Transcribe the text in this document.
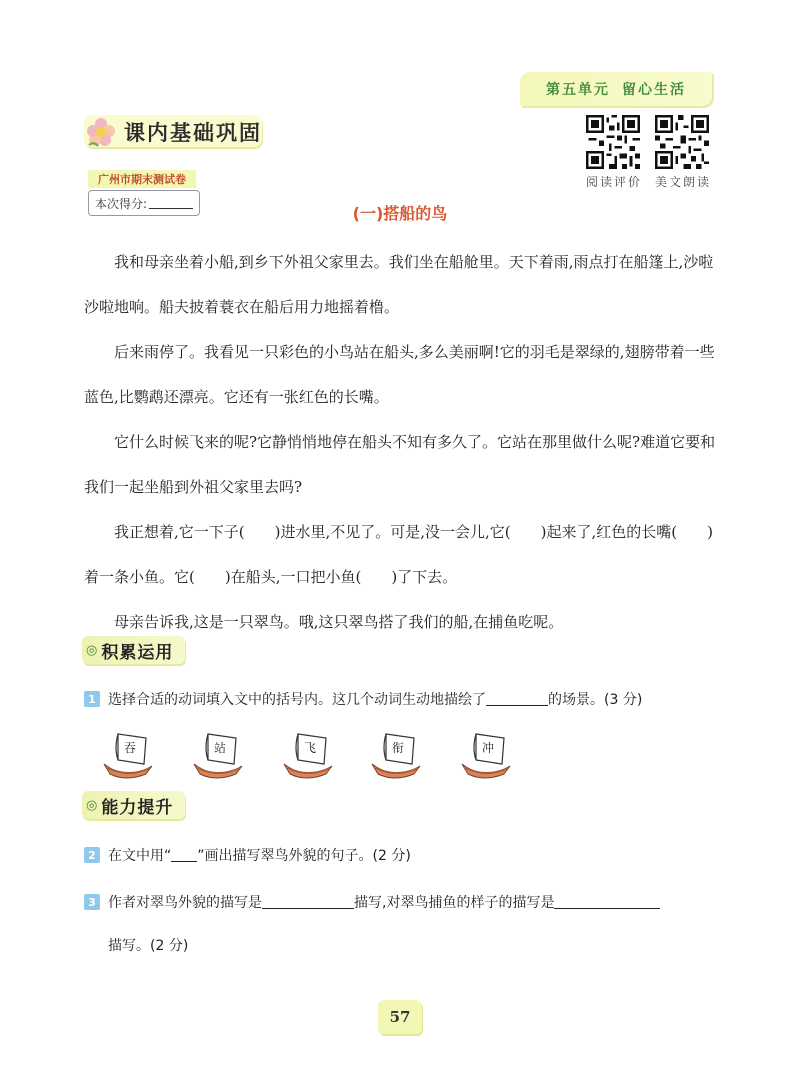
第五单元 留心生活
阅读评价 美文朗读
课内基础巩固
广州市期末测试卷
本次得分:
(一)搭船的鸟

我和母亲坐着小船,到乡下外祖父家里去。我们坐在船舱里。天下着雨,雨点打在船篷上,沙啦沙啦地响。船夫披着蓑衣在船后用力地摇着橹。

后来雨停了。我看见一只彩色的小鸟站在船头,多么美丽啊!它的羽毛是翠绿的,翅膀带着一些蓝色,比鹦鹉还漂亮。它还有一张红色的长嘴。

它什么时候飞来的呢?它静悄悄地停在船头不知有多久了。它站在那里做什么呢?难道它要和我们一起坐船到外祖父家里去吗?

我正想着,它一下子(　　)进水里,不见了。可是,没一会儿,它(　　)起来了,红色的长嘴(　　)着一条小鱼。它(　　)在船头,一口把小鱼(　　)了下去。

母亲告诉我,这是一只翠鸟。哦,这只翠鸟搭了我们的船,在捕鱼吃呢。

◎ 积累运用
1 选择合适的动词填入文中的括号内。这几个动词生动地描绘了	的场景。(3 分)
吞	站	飞	衔	冲
◎ 能力提升
2 在文中用“ ”画出描写翠鸟外貌的句子。(2 分)
3 作者对翠鸟外貌的描写是	描写,对翠鸟捕鱼的样子的描写是
描写。(2 分)
57
